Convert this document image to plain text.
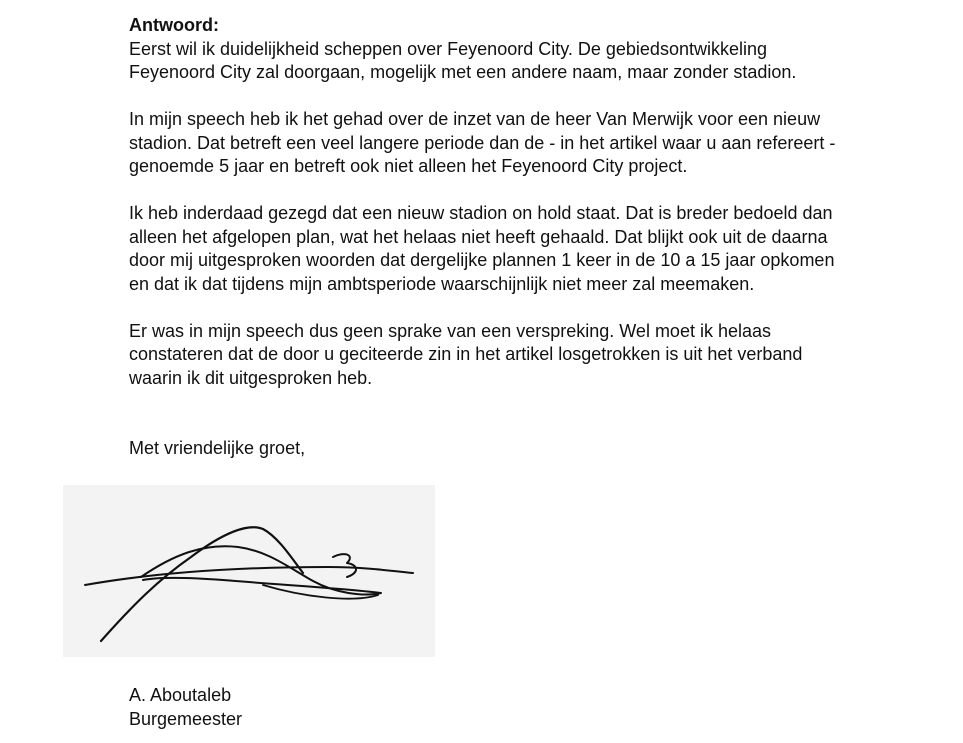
Antwoord:

Eerst wil ik duidelijkheid scheppen over Feyenoord City. De gebiedsontwikkeling
Feyenoord City zal doorgaan, mogelijk met een andere naam, maar zonder stadion.

In mijn speech heb ik het gehad over de inzet van de heer Van Merwijk voor een nieuw
stadion. Dat betreft een veel langere periode dan de - in het artikel waar u aan refereert -
genoemde 5 jaar en betreft ook niet alleen het Feyenoord City project.

Ik heb inderdaad gezegd dat een nieuw stadion on hold staat. Dat is breder bedoeld dan
alleen het afgelopen plan, wat het helaas niet heeft gehaald. Dat blijkt ook uit de daarna
door mij uitgesproken woorden dat dergelijke plannen 1 keer in de 10 a 15 jaar opkomen
en dat ik dat tijdens mijn ambtsperiode waarschijnlijk niet meer zal meemaken.

Er was in mijn speech dus geen sprake van een verspreking. Wel moet ik helaas
constateren dat de door u geciteerde zin in het artikel losgetrokken is uit het verband
waarin ik dit uitgesproken heb.

Met vriendelijke groet,
A. Aboutaleb
Burgemeester
